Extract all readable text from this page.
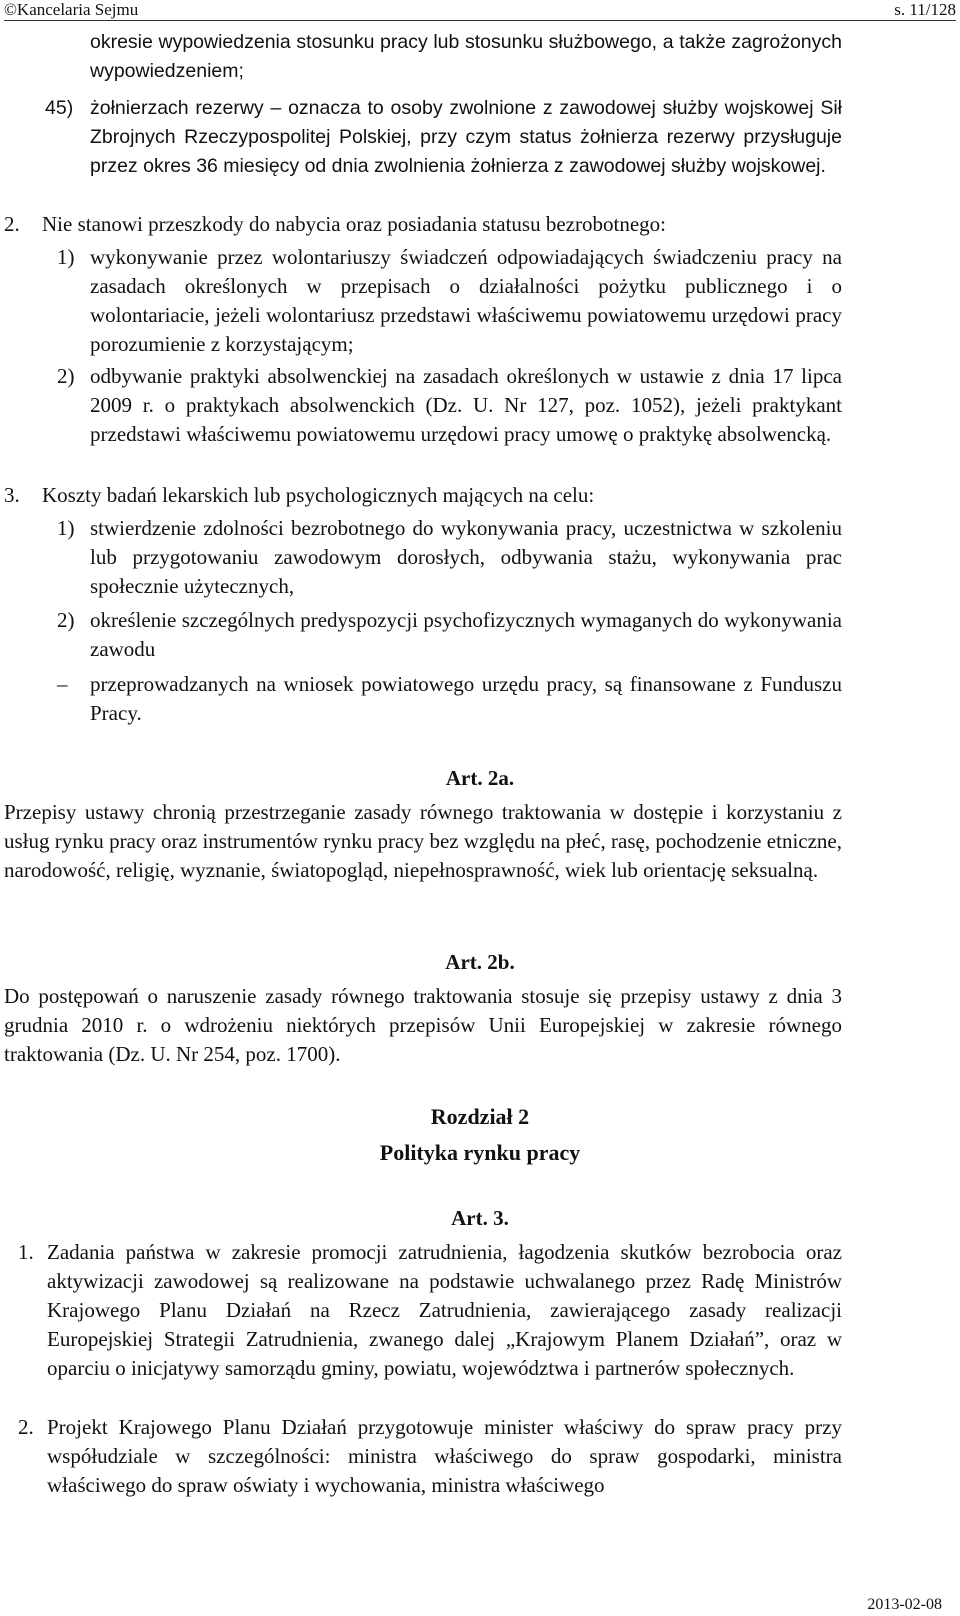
©Kancelaria Sejmu	s. 11/128

okresie wypowiedzenia stosunku pracy lub stosunku służbowego, a także zagrożonych wypowiedzeniem;

45) żołnierzach rezerwy – oznacza to osoby zwolnione z zawodowej służby wojskowej Sił Zbrojnych Rzeczypospolitej Polskiej, przy czym status żołnierza rezerwy przysługuje przez okres 36 miesięcy od dnia zwolnienia żołnierza z zawodowej służby wojskowej.

2. Nie stanowi przeszkody do nabycia oraz posiadania statusu bezrobotnego:

1) wykonywanie przez wolontariuszy świadczeń odpowiadających świadczeniu pracy na zasadach określonych w przepisach o działalności pożytku publicznego i o wolontariacie, jeżeli wolontariusz przedstawi właściwemu powiatowemu urzędowi pracy porozumienie z korzystającym;

2) odbywanie praktyki absolwenckiej na zasadach określonych w ustawie z dnia 17 lipca 2009 r. o praktykach absolwenckich (Dz. U. Nr 127, poz. 1052), jeżeli praktykant przedstawi właściwemu powiatowemu urzędowi pracy umowę o praktykę absolwencką.

3. Koszty badań lekarskich lub psychologicznych mających na celu:

1) stwierdzenie zdolności bezrobotnego do wykonywania pracy, uczestnictwa w szkoleniu lub przygotowaniu zawodowym dorosłych, odbywania stażu, wykonywania prac społecznie użytecznych,

2) określenie szczególnych predyspozycji psychofizycznych wymaganych do wykonywania zawodu

– przeprowadzanych na wniosek powiatowego urzędu pracy, są finansowane z Funduszu Pracy.

Art. 2a.

Przepisy ustawy chronią przestrzeganie zasady równego traktowania w dostępie i korzystaniu z usług rynku pracy oraz instrumentów rynku pracy bez względu na płeć, rasę, pochodzenie etniczne, narodowość, religię, wyznanie, światopogląd, niepełnosprawność, wiek lub orientację seksualną.

Art. 2b.

Do postępowań o naruszenie zasady równego traktowania stosuje się przepisy ustawy z dnia 3 grudnia 2010 r. o wdrożeniu niektórych przepisów Unii Europejskiej w zakresie równego traktowania (Dz. U. Nr 254, poz. 1700).

Rozdział 2
Polityka rynku pracy
Art. 3.
1. Zadania państwa w zakresie promocji zatrudnienia, łagodzenia skutków bezrobocia oraz aktywizacji zawodowej są realizowane na podstawie uchwalanego przez Radę Ministrów Krajowego Planu Działań na Rzecz Zatrudnienia, zawierającego zasady realizacji Europejskiej Strategii Zatrudnienia, zwanego dalej „Krajowym Planem Działań”, oraz w oparciu o inicjatywy samorządu gminy, powiatu, województwa i partnerów społecznych.

2. Projekt Krajowego Planu Działań przygotowuje minister właściwy do spraw pracy przy współudziale w szczególności: ministra właściwego do spraw gospodarki, ministra właściwego do spraw oświaty i wychowania, ministra właściwego

2013-02-08
